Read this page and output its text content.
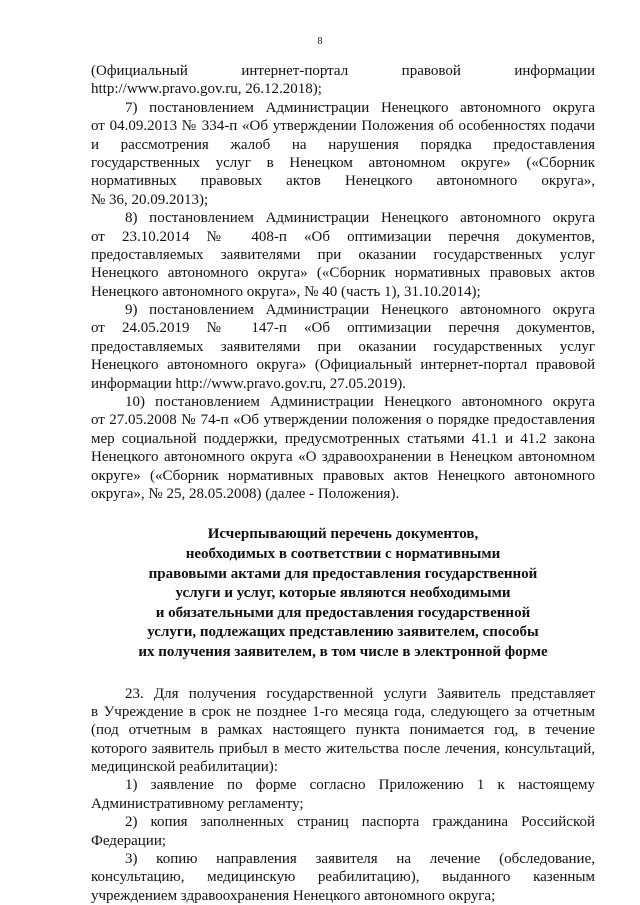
8
(Официальный интернет-портал правовой информации
http://www.pravo.gov.ru, 26.12.2018);
7) постановлением Администрации Ненецкого автономного округа
от 04.09.2013 № 334-п «Об утверждении Положения об особенностях подачи
и рассмотрения жалоб на нарушения порядка предоставления
государственных услуг в Ненецком автономном округе» («Сборник
нормативных правовых актов Ненецкого автономного округа»,
№ 36, 20.09.2013);
8) постановлением Администрации Ненецкого автономного округа
от 23.10.2014 № 408-п «Об оптимизации перечня документов,
предоставляемых заявителями при оказании государственных услуг
Ненецкого автономного округа» («Сборник нормативных правовых актов
Ненецкого автономного округа», № 40 (часть 1), 31.10.2014);
9) постановлением Администрации Ненецкого автономного округа
от 24.05.2019 № 147-п «Об оптимизации перечня документов,
предоставляемых заявителями при оказании государственных услуг
Ненецкого автономного округа» (Официальный интернет-портал правовой
информации http://www.pravo.gov.ru, 27.05.2019).
10) постановлением Администрации Ненецкого автономного округа
от 27.05.2008 № 74-п «Об утверждении положения о порядке предоставления
мер социальной поддержки, предусмотренных статьями 41.1 и 41.2 закона
Ненецкого автономного округа «О здравоохранении в Ненецком автономном
округе» («Сборник нормативных правовых актов Ненецкого автономного
округа», № 25, 28.05.2008) (далее - Положения).
Исчерпывающий перечень документов,
необходимых в соответствии с нормативными
правовыми актами для предоставления государственной
услуги и услуг, которые являются необходимыми
и обязательными для предоставления государственной
услуги, подлежащих представлению заявителем, способы
их получения заявителем, в том числе в электронной форме
23. Для получения государственной услуги Заявитель представляет
в Учреждение в срок не позднее 1-го месяца года, следующего за отчетным
(под отчетным в рамках настоящего пункта понимается год, в течение
которого заявитель прибыл в место жительства после лечения, консультаций,
медицинской реабилитации):
1) заявление по форме согласно Приложению 1 к настоящему
Административному регламенту;
2) копия заполненных страниц паспорта гражданина Российской
Федерации;
3) копию направления заявителя на лечение (обследование,
консультацию, медицинскую реабилитацию), выданного казенным
учреждением здравоохранения Ненецкого автономного округа;
